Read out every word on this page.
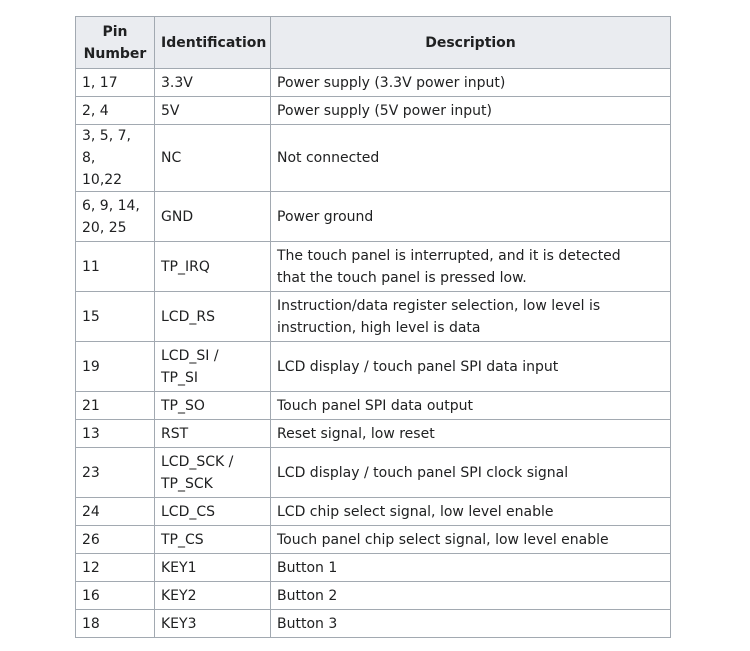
Pin
Number	Identification	Description
1, 17	3.3V	Power supply (3.3V power input)
2, 4	5V	Power supply (5V power input)
3, 5, 7, 8,
10,22	NC	Not connected
6, 9, 14,
20, 25	GND	Power ground
11	TP_IRQ	The touch panel is interrupted, and it is detected
that the touch panel is pressed low.
15	LCD_RS	Instruction/data register selection, low level is
instruction, high level is data
19	LCD_SI /
TP_SI	LCD display / touch panel SPI data input
21	TP_SO	Touch panel SPI data output
13	RST	Reset signal, low reset
23	LCD_SCK /
TP_SCK	LCD display / touch panel SPI clock signal
24	LCD_CS	LCD chip select signal, low level enable
26	TP_CS	Touch panel chip select signal, low level enable
12	KEY1	Button 1
16	KEY2	Button 2
18	KEY3	Button 3
